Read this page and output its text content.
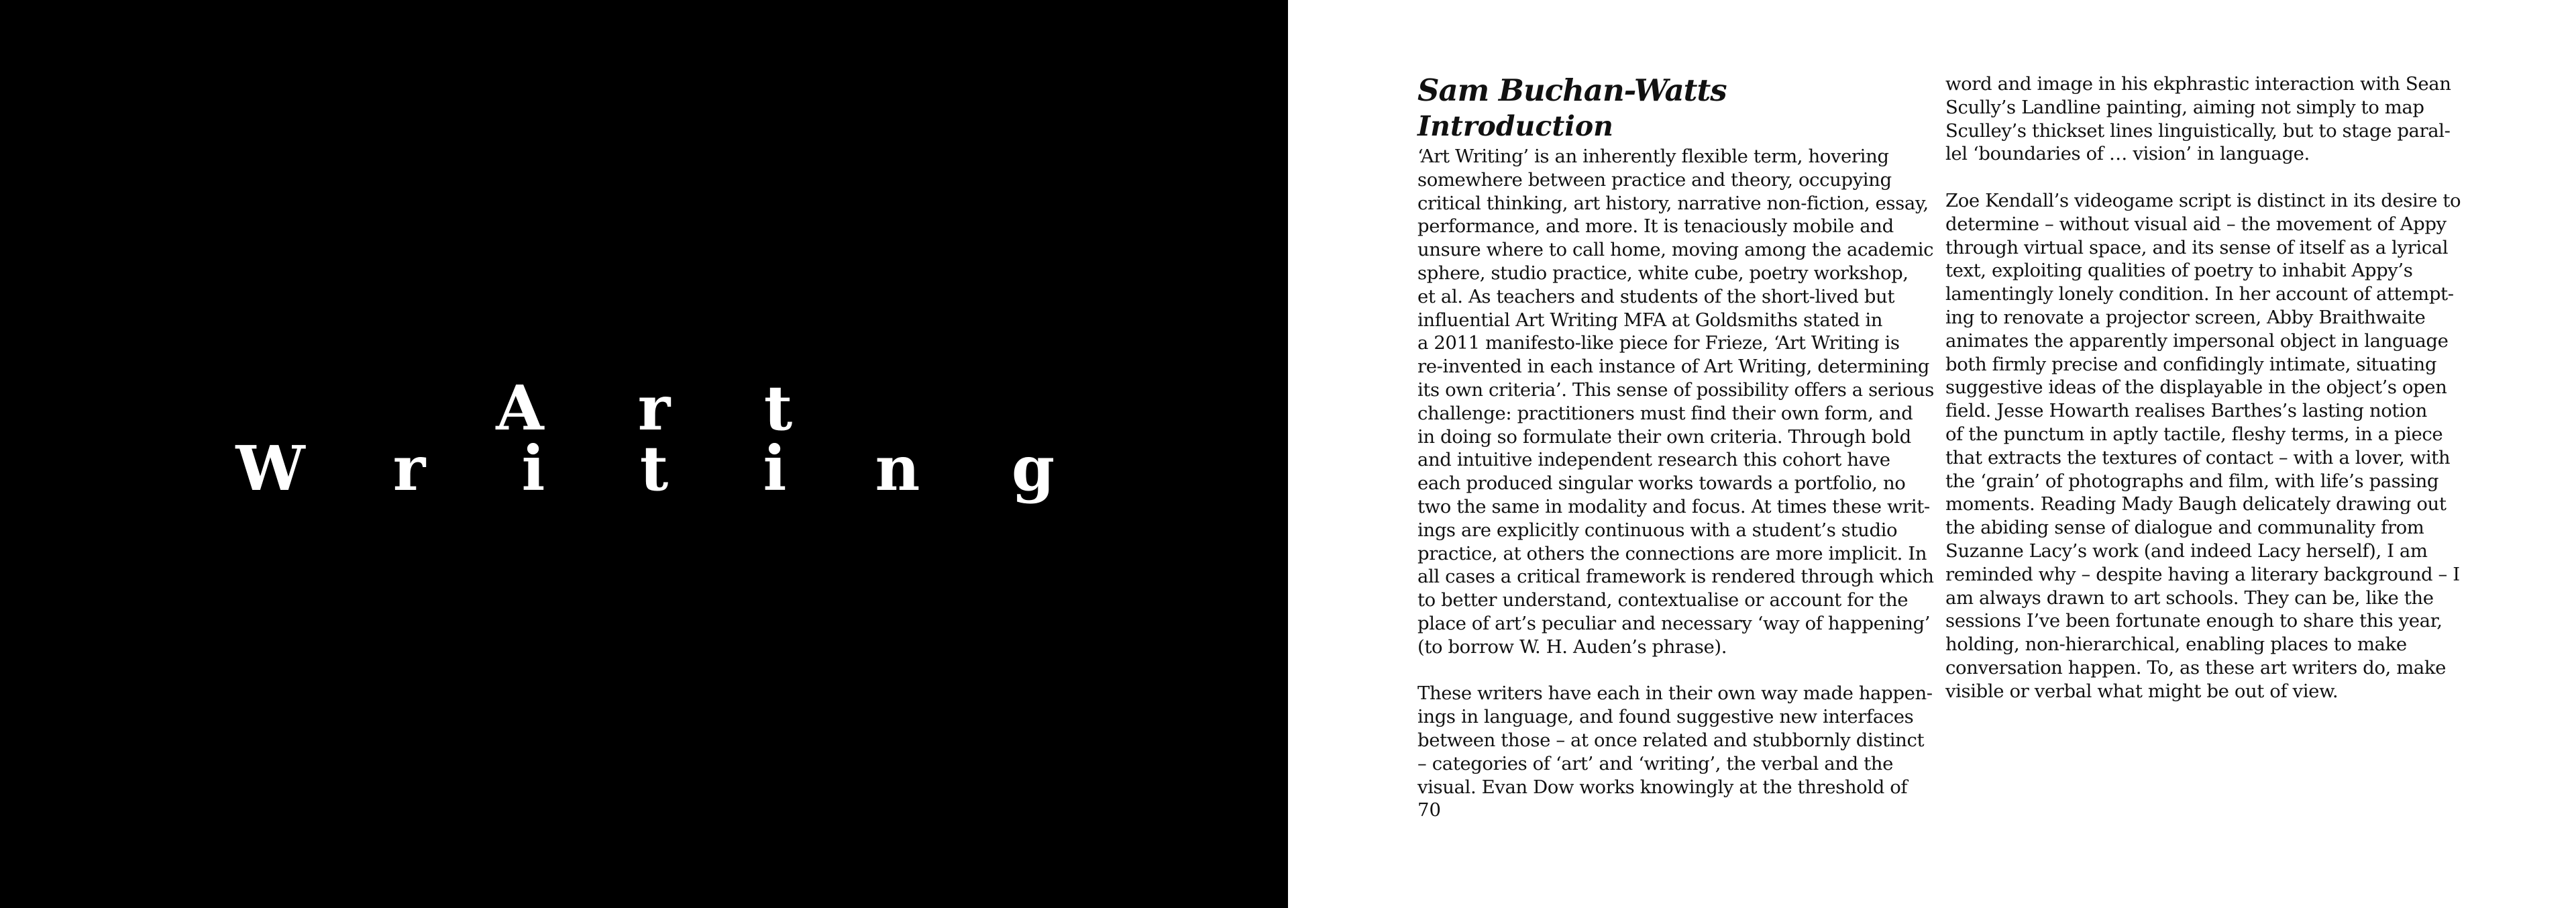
A r t
W r i t i n g
Sam Buchan-Watts
Introduction
‘Art Writing’ is an inherently flexible term, hovering
somewhere between practice and theory, occupying
critical thinking, art history, narrative non-fiction, essay,
performance, and more. It is tenaciously mobile and
unsure where to call home, moving among the academic
sphere, studio practice, white cube, poetry workshop,
et al. As teachers and students of the short-lived but
influential Art Writing MFA at Goldsmiths stated in
a 2011 manifesto-like piece for Frieze, ‘Art Writing is
re-invented in each instance of Art Writing, determining
its own criteria’. This sense of possibility offers a serious
challenge: practitioners must find their own form, and
in doing so formulate their own criteria. Through bold
and intuitive independent research this cohort have
each produced singular works towards a portfolio, no
two the same in modality and focus. At times these writ-
ings are explicitly continuous with a student’s studio
practice, at others the connections are more implicit. In
all cases a critical framework is rendered through which
to better understand, contextualise or account for the
place of art’s peculiar and necessary ‘way of happening’
(to borrow W. H. Auden’s phrase).
These writers have each in their own way made happen-
ings in language, and found suggestive new interfaces
between those – at once related and stubbornly distinct
– categories of ‘art’ and ‘writing’, the verbal and the
visual. Evan Dow works knowingly at the threshold of

70

word and image in his ekphrastic interaction with Sean
Scully’s Landline painting, aiming not simply to map
Sculley’s thickset lines linguistically, but to stage paral-
lel ‘boundaries of … vision’ in language.
Zoe Kendall’s videogame script is distinct in its desire to
determine – without visual aid – the movement of Appy
through virtual space, and its sense of itself as a lyrical
text, exploiting qualities of poetry to inhabit Appy’s
lamentingly lonely condition. In her account of attempt-
ing to renovate a projector screen, Abby Braithwaite
animates the apparently impersonal object in language
both firmly precise and confidingly intimate, situating
suggestive ideas of the displayable in the object’s open
field. Jesse Howarth realises Barthes’s lasting notion
of the punctum in aptly tactile, fleshy terms, in a piece
that extracts the textures of contact – with a lover, with
the ‘grain’ of photographs and film, with life’s passing
moments. Reading Mady Baugh delicately drawing out
the abiding sense of dialogue and communality from
Suzanne Lacy’s work (and indeed Lacy herself), I am
reminded why – despite having a literary background – I
am always drawn to art schools. They can be, like the
sessions I’ve been fortunate enough to share this year,
holding, non-hierarchical, enabling places to make
conversation happen. To, as these art writers do, make
visible or verbal what might be out of view.
